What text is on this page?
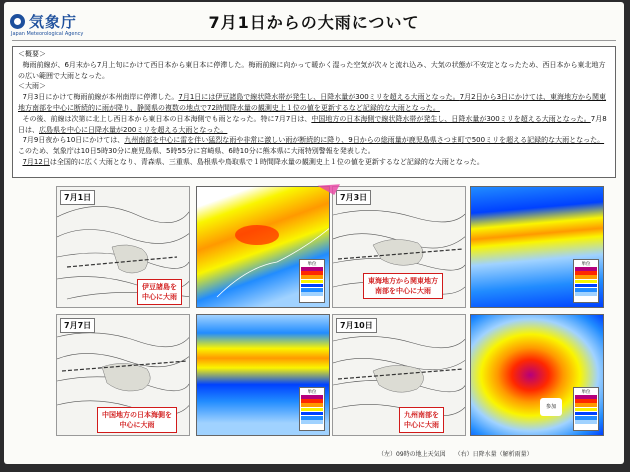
気象庁
Japan Meteorological Agency
7月1日からの大雨について

＜概要＞

梅雨前線が、6月末から7月上旬にかけて西日本から東日本に停滞した。梅雨前線に向かって暖かく湿った空気が次々と流れ込み、大気の状態が不安定となったため、西日本から東北地方の広い範囲で大雨となった。

＜大雨＞

7月3日にかけて梅雨前線が本州南岸に停滞した。7月1日には伊豆諸島で線状降水帯が発生し、日降水量が300ミリを超える大雨となった。7月2日から3日にかけては、東海地方から関東地方南部を中心に断続的に雨が降り、静岡県の複数の地点で72時間降水量の観測史上１位の値を更新するなど記録的な大雨となった。

その後、前線は次第に北上し西日本から東日本の日本海側でも雨となった。特に7月7日は、中国地方の日本海側で線状降水帯が発生し、日降水量が300ミリを超える大雨となった。7月8日は、広島県を中心に日降水量が200ミリを超える大雨となった。

7月9日夜から10日にかけては、九州南部を中心に雷を伴い猛烈な雨や非常に激しい雨が断続的に降り、9日からの総雨量が鹿児島県さつま町で500ミリを超える記録的な大雨となった。このため、気象庁は10日5時30分に鹿児島県、5時55分に宮崎県、6時10分に熊本県に大雨特別警報を発表した。

7月12日は全国的に広く大雨となり、青森県、三重県、島根県や鳥取県で１時間降水量の観測史上１位の値を更新するなど記録的な大雨となった。

7月1日
伊豆諸島を
中心に大雨
単位
7月3日
東海地方から関東地方
南部を中心に大雨
単位
7月7日
中国地方の日本海側を
中心に大雨
単位
7月10日
九州南部を
中心に大雨
単位
参加
（左）09時の地上天気図　　（右）日降水量（解析雨量）
